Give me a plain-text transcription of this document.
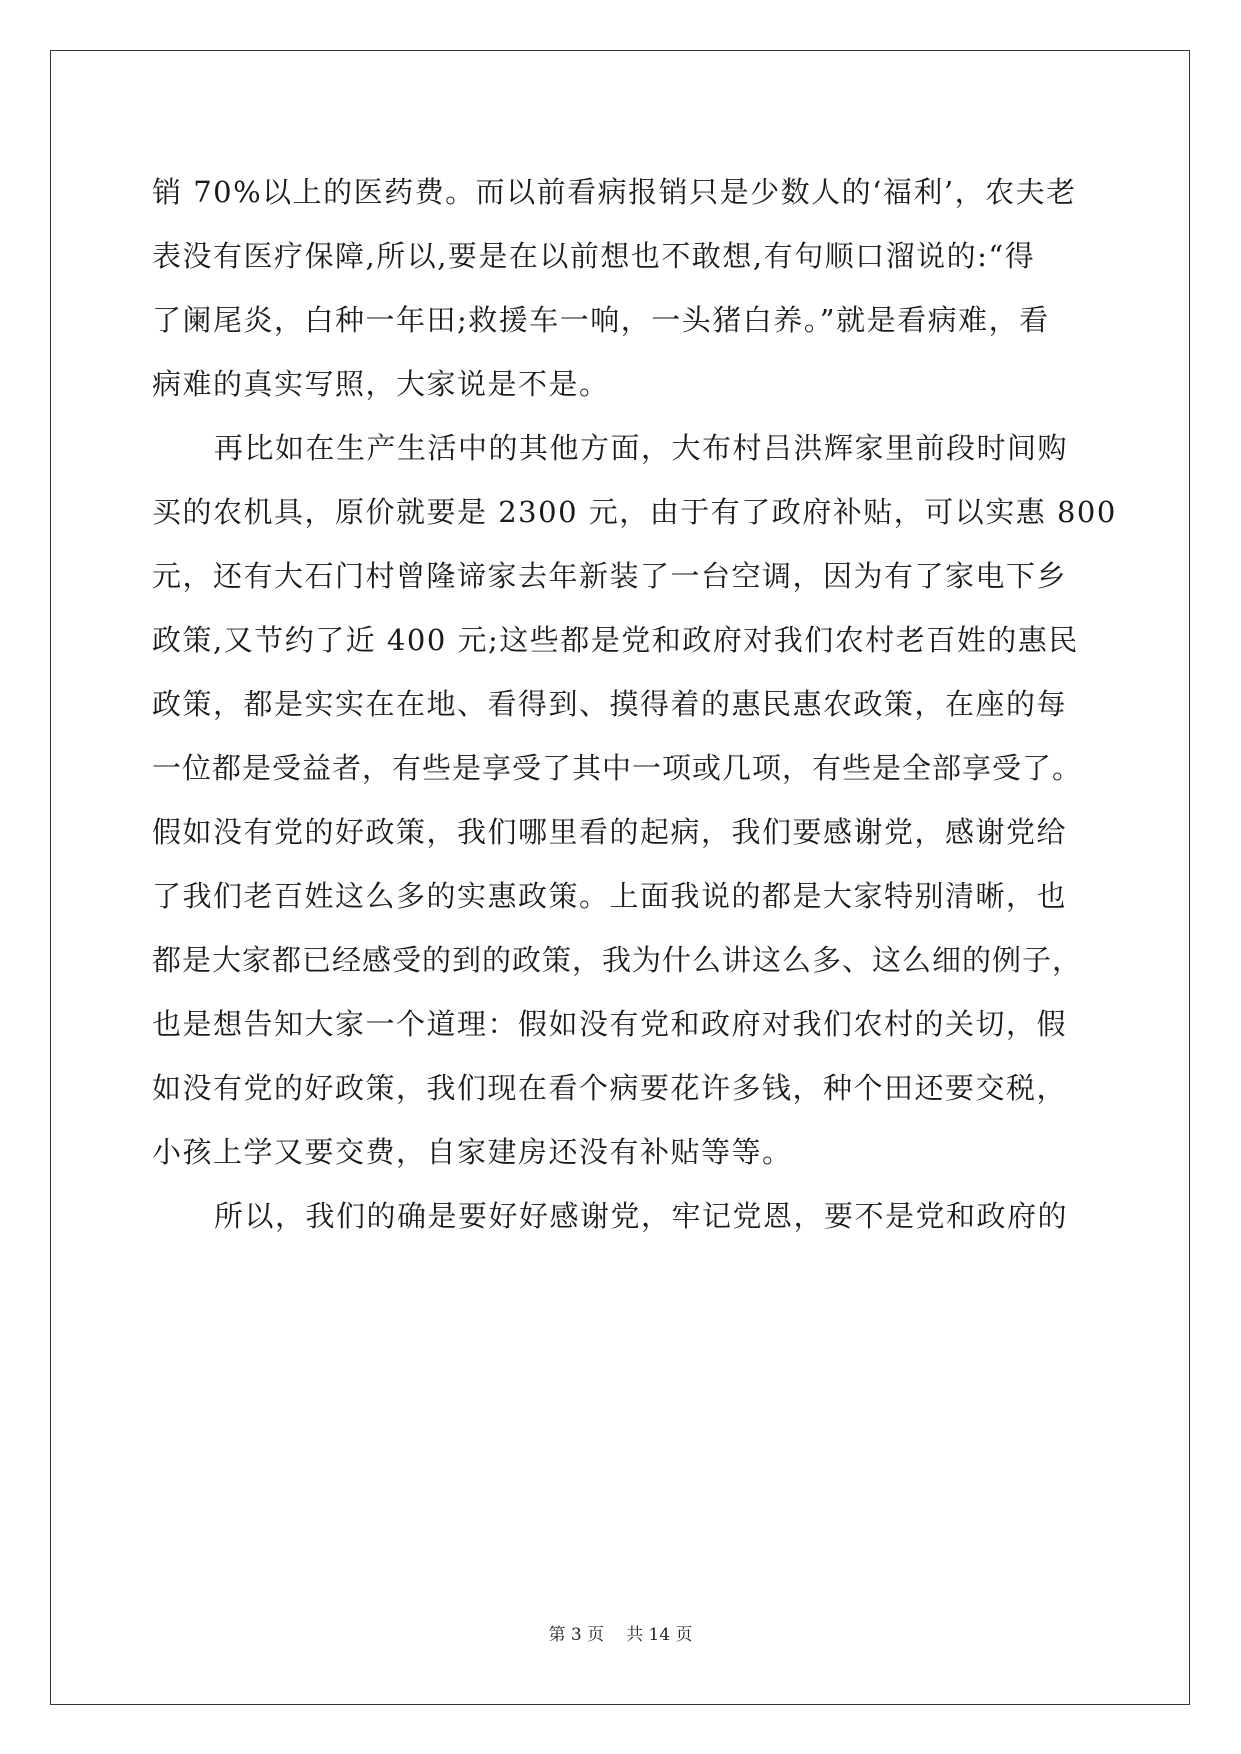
销 70%以上的医药费。而以前看病报销只是少数人的‘福利’，农夫老
表没有医疗保障,所以,要是在以前想也不敢想,有句顺口溜说的:“得
了阑尾炎，白种一年田;救援车一响，一头猪白养。”就是看病难，看
病难的真实写照，大家说是不是。
再比如在生产生活中的其他方面，大布村吕洪辉家里前段时间购
买的农机具，原价就要是 2300 元，由于有了政府补贴，可以实惠 800
元，还有大石门村曾隆谛家去年新装了一台空调，因为有了家电下乡
政策,又节约了近 400 元;这些都是党和政府对我们农村老百姓的惠民
政策，都是实实在在地、看得到、摸得着的惠民惠农政策，在座的每
一位都是受益者，有些是享受了其中一项或几项，有些是全部享受了。
假如没有党的好政策，我们哪里看的起病，我们要感谢党，感谢党给
了我们老百姓这么多的实惠政策。上面我说的都是大家特别清晰，也
都是大家都已经感受的到的政策，我为什么讲这么多、这么细的例子，
也是想告知大家一个道理：假如没有党和政府对我们农村的关切，假
如没有党的好政策，我们现在看个病要花许多钱，种个田还要交税，
小孩上学又要交费，自家建房还没有补贴等等。
所以，我们的确是要好好感谢党，牢记党恩，要不是党和政府的
第 3 页 共 14 页
